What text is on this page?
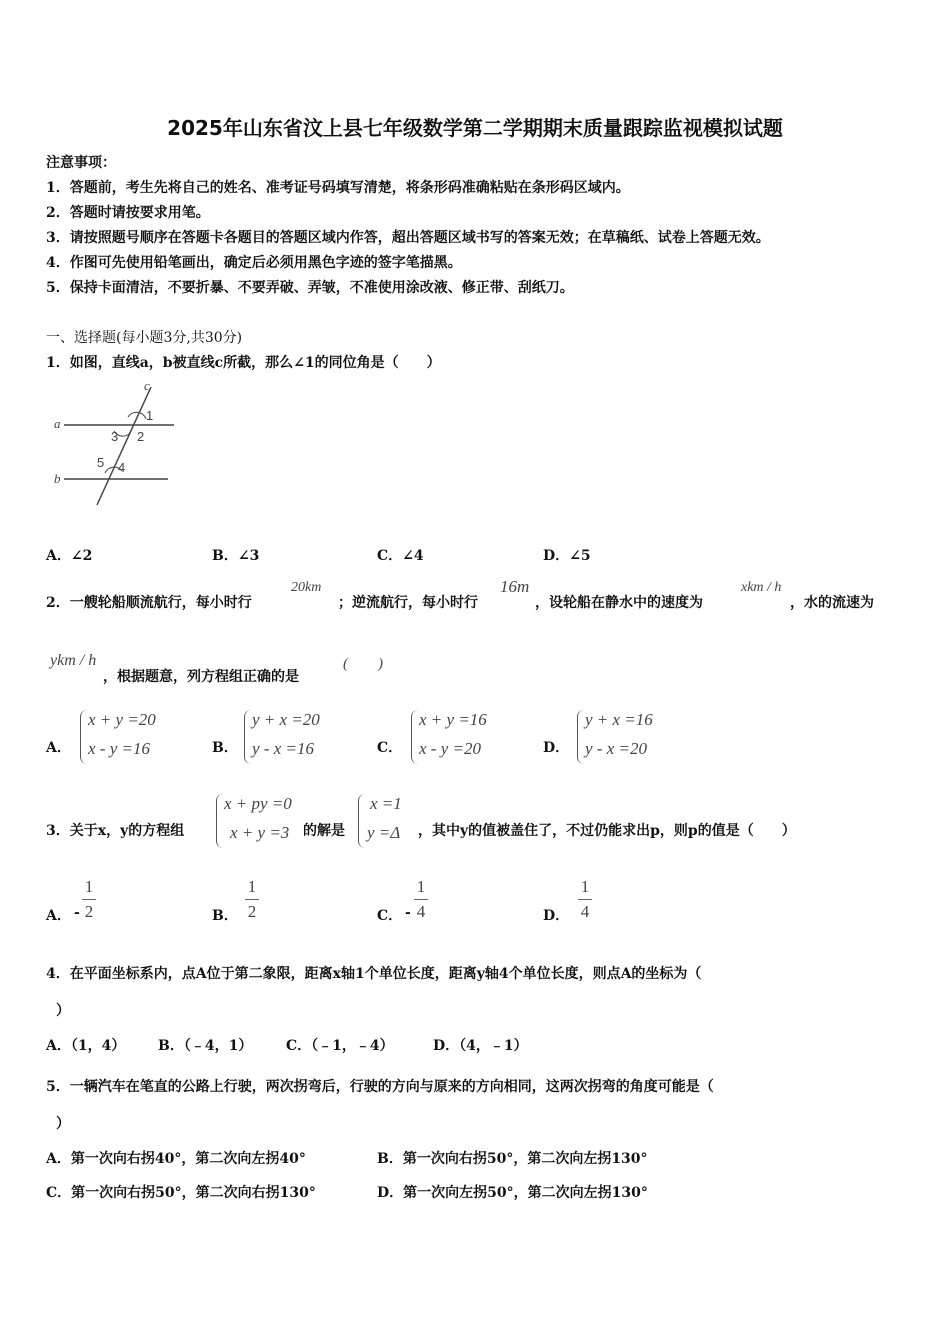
2025年山东省汶上县七年级数学第二学期期末质量跟踪监视模拟试题
注意事项：
1．答题前，考生先将自己的姓名、准考证号码填写清楚，将条形码准确粘贴在条形码区域内。
2．答题时请按要求用笔。
3．请按照题号顺序在答题卡各题目的答题区域内作答，超出答题区域书写的答案无效；在草稿纸、试卷上答题无效。
4．作图可先使用铅笔画出，确定后必须用黑色字迹的签字笔描黑。
5．保持卡面清洁，不要折暴、不要弄破、弄皱，不准使用涂改液、修正带、刮纸刀。
一、选择题(每小题3分,共30分)
1．如图，直线a，b被直线c所截，那么∠1的同位角是（　　）
a
b
c
1
2
3
4
5
A．∠2	B．∠3	C．∠4	D．∠5
2．一艘轮船顺流航行，每小时行
20km
；逆流航行，每小时行
16m
，设轮船在静水中的速度为
xkm / h
，水的流速为
ykm / h
，根据题意，列方程组正确的是
(　　)
A．
x + y =20
x - y =16	B．
y + x =20
y - x =16	C．
x + y =16
x - y =20	D．
y + x =16
y - x =20
3．关于x，y的方程组
x + py =0
x + y =3 的解是
x =1
y =Δ ，其中y的值被盖住了，不过仍能求出p，则p的值是（　　）
A． -
1
2	B．
1
2	C． -
1
4	D．
1
4
4．在平面坐标系内，点A位于第二象限，距离x轴1个单位长度，距离y轴4个单位长度，则点A的坐标为（
）
A．（1，4） B．（﹣4，1） C．（﹣1，﹣4）	D．（4，﹣1）
5．一辆汽车在笔直的公路上行驶，两次拐弯后，行驶的方向与原来的方向相同，这两次拐弯的角度可能是（
）
A．第一次向右拐40°，第二次向左拐40°	B．第一次向右拐50°，第二次向左拐130°
C．第一次向右拐50°，第二次向右拐130°	D．第一次向左拐50°，第二次向左拐130°
